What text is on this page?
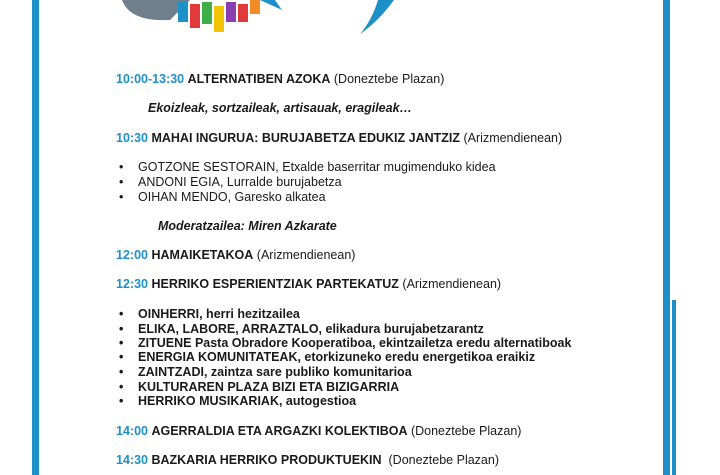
10:00-13:30 ALTERNATIBEN AZOKA (Doneztebe Plazan)
Ekoizleak, sortzaileak, artisauak, eragileak…
10:30 MAHAI INGURUA: BURUJABETZA EDUKIZ JANTZIZ (Arizmendienean)
• GOTZONE SESTORAIN, Etxalde baserritar mugimenduko kidea
• ANDONI EGIA, Lurralde burujabetza
• OIHAN MENDO, Garesko alkatea
Moderatzailea: Miren Azkarate
12:00 HAMAIKETAKOA (Arizmendienean)
12:30 HERRIKO ESPERIENTZIAK PARTEKATUZ (Arizmendienean)
• OINHERRI, herri hezitzailea
• ELIKA, LABORE, ARRAZTALO, elikadura burujabetzarantz
• ZITUENE Pasta Obradore Kooperatiboa, ekintzailetza eredu alternatiboak
• ENERGIA KOMUNITATEAK, etorkizuneko eredu energetikoa eraikiz
• ZAINTZADI, zaintza sare publiko komunitarioa
• KULTURAREN PLAZA BIZI ETA BIZIGARRIA
• HERRIKO MUSIKARIAK, autogestioa
14:00 AGERRALDIA ETA ARGAZKI KOLEKTIBOA (Doneztebe Plazan)
14:30 BAZKARIA HERRIKO PRODUKTUEKIN  (Doneztebe Plazan)
